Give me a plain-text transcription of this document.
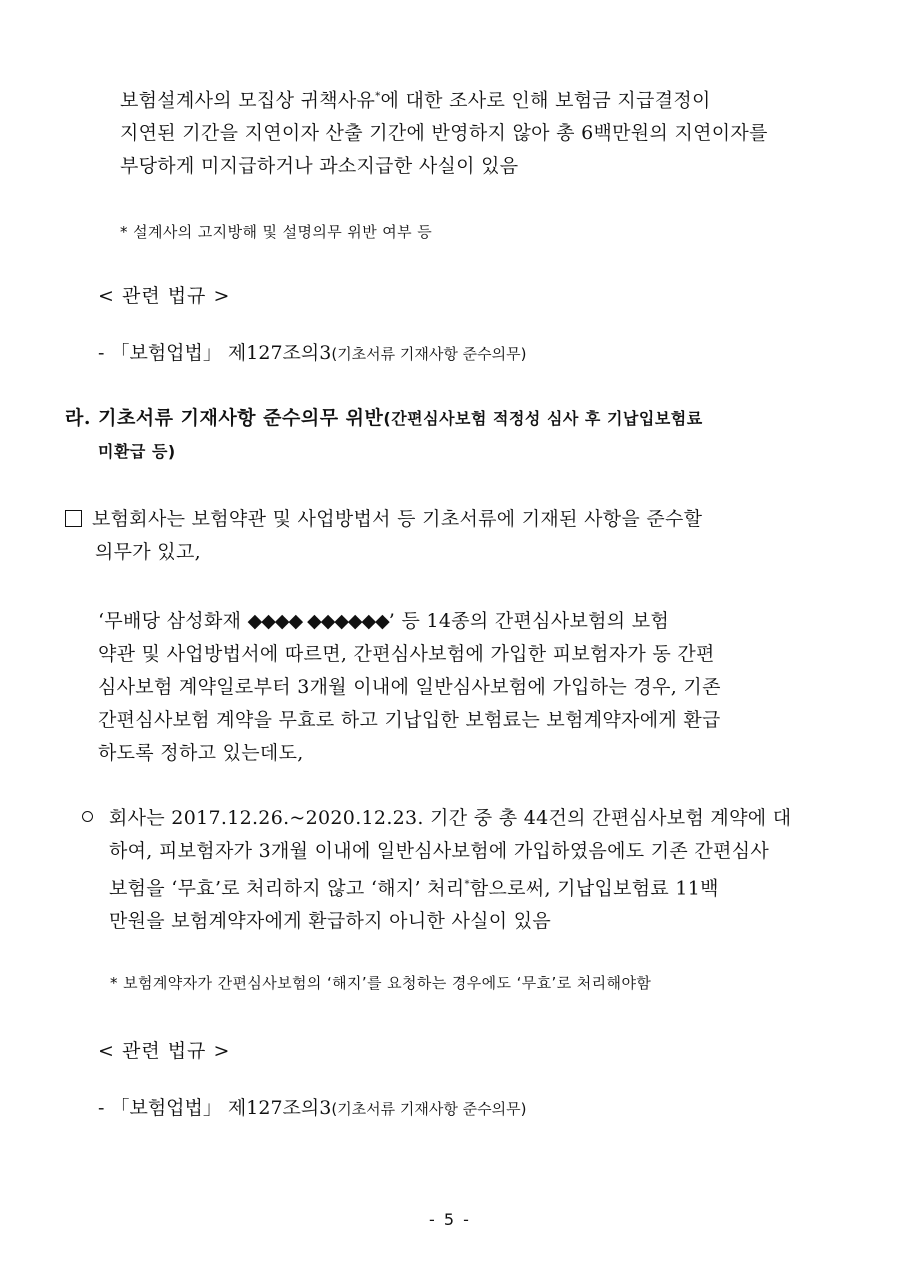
보험설계사의 모집상 귀책사유*에 대한 조사로 인해 보험금 지급결정이
지연된 기간을 지연이자 산출 기간에 반영하지 않아 총 6백만원의 지연이자를
부당하게 미지급하거나 과소지급한 사실이 있음
* 설계사의 고지방해 및 설명의무 위반 여부 등
< 관련 법규 >
- 「보험업법」 제127조의3(기초서류 기재사항 준수의무)
라. 기초서류 기재사항 준수의무 위반(간편심사보험 적정성 심사 후 기납입보험료
미환급 등)
보험회사는 보험약관 및 사업방법서 등 기초서류에 기재된 사항을 준수할
의무가 있고,
‘무배당 삼성화재 ◆◆◆◆ ◆◆◆◆◆◆’ 등 14종의 간편심사보험의 보험
약관 및 사업방법서에 따르면, 간편심사보험에 가입한 피보험자가 동 간편
심사보험 계약일로부터 3개월 이내에 일반심사보험에 가입하는 경우, 기존
간편심사보험 계약을 무효로 하고 기납입한 보험료는 보험계약자에게 환급
하도록 정하고 있는데도,
회사는 2017.12.26.~2020.12.23. 기간 중 총 44건의 간편심사보험 계약에 대
하여, 피보험자가 3개월 이내에 일반심사보험에 가입하였음에도 기존 간편심사
보험을 ‘무효’로 처리하지 않고 ‘해지’ 처리*함으로써, 기납입보험료 11백
만원을 보험계약자에게 환급하지 아니한 사실이 있음
* 보험계약자가 간편심사보험의 ‘해지’를 요청하는 경우에도 ‘무효’로 처리해야함
< 관련 법규 >
- 「보험업법」 제127조의3(기초서류 기재사항 준수의무)
- 5 -
